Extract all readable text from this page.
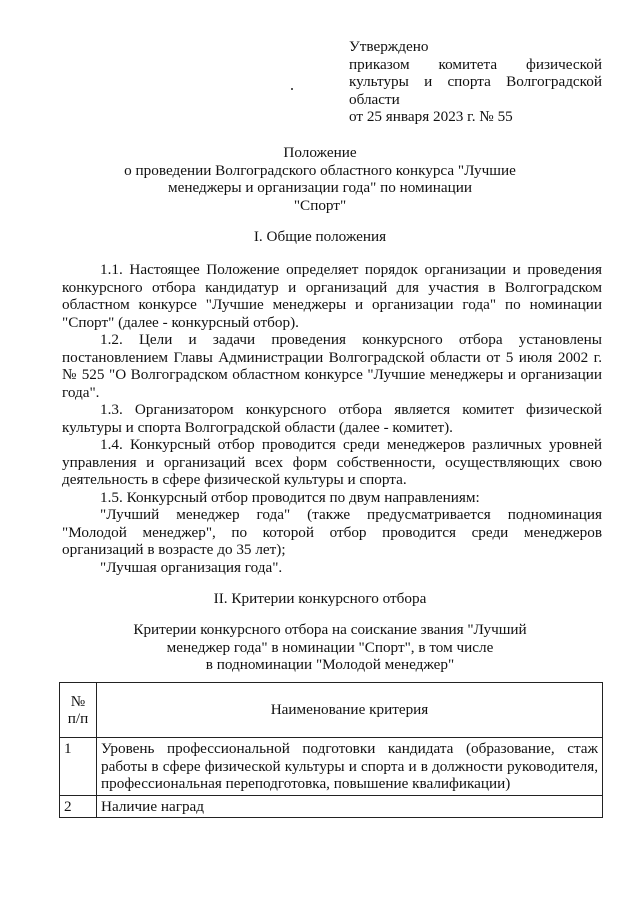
Утверждено
приказом комитета физической
культуры и спорта Волгоградской
области
от 25 января 2023 г. № 55
Положение
о проведении Волгоградского областного конкурса "Лучшие
менеджеры и организации года" по номинации
"Спорт"
I. Общие положения

1.1. Настоящее Положение определяет порядок организации и проведения конкурсного отбора кандидатур и организаций для участия в Волгоградском областном конкурсе "Лучшие менеджеры и организации года" по номинации "Спорт" (далее - конкурсный отбор).

1.2. Цели и задачи проведения конкурсного отбора установлены постановлением Главы Администрации Волгоградской области от 5 июля 2002 г. № 525 "О Волгоградском областном конкурсе "Лучшие менеджеры и организации года".

1.3. Организатором конкурсного отбора является комитет физической культуры и спорта Волгоградской области (далее - комитет).

1.4. Конкурсный отбор проводится среди менеджеров различных уровней управления и организаций всех форм собственности, осуществляющих свою деятельность в сфере физической культуры и спорта.

1.5. Конкурсный отбор проводится по двум направлениям:

"Лучший менеджер года" (также предусматривается подноминация "Молодой менеджер", по которой отбор проводится среди менеджеров организаций в возрасте до 35 лет);

"Лучшая организация года".

II. Критерии конкурсного отбора
Критерии конкурсного отбора на соискание звания "Лучший
менеджер года" в номинации "Спорт", в том числе
в подноминации "Молодой менеджер"
№
п/п	Наименование критерия
1	Уровень профессиональной подготовки кандидата (образование, стаж работы в сфере физической культуры и спорта и в должности руководителя, профессиональная переподготовка, повышение квалификации)
2	Наличие наград
